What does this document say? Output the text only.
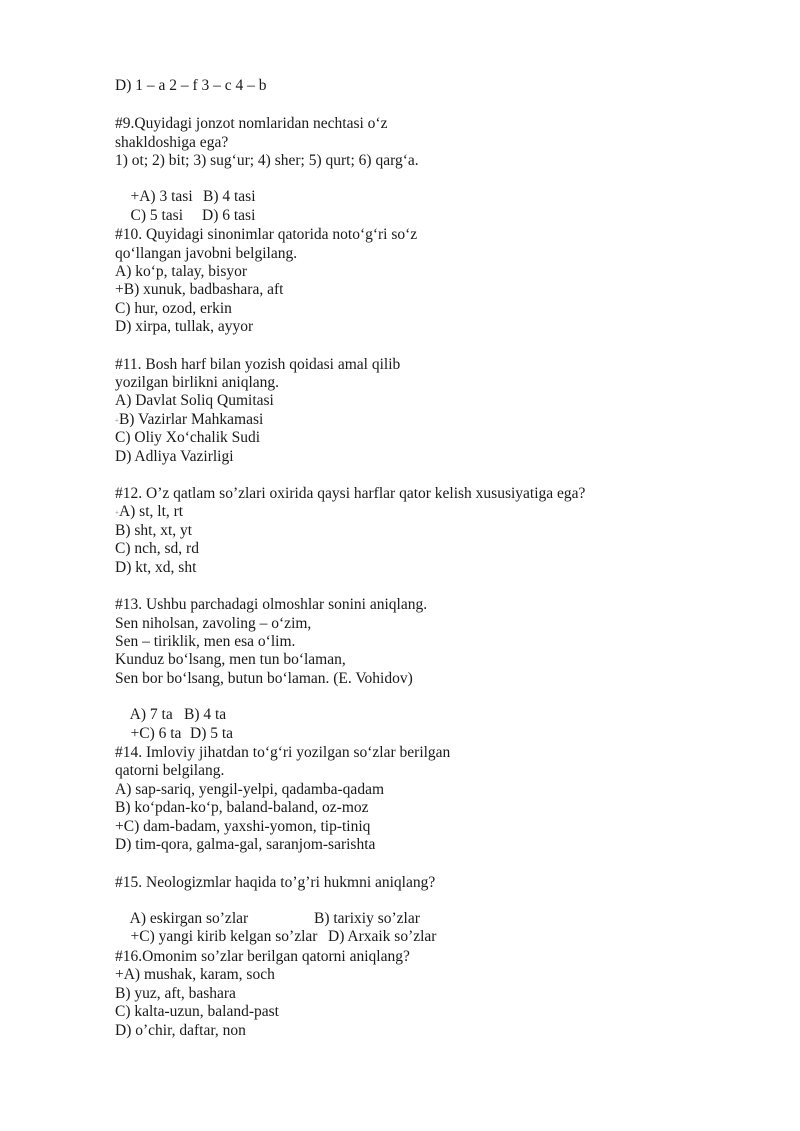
D) 1 – a 2 – f 3 – c 4 – b
#9.Quyidagi jonzot nomlaridan nechtasi o‘z
shakldoshiga ega?
1) ot; 2) bit; 3) sug‘ur; 4) sher; 5) qurt; 6) qarg‘a.

+A) 3 tasi B) 4 tasi

C) 5 tasi D) 6 tasi

#10. Quyidagi sinonimlar qatorida noto‘g‘ri so‘z
qo‘llangan javobni belgilang.
A) ko‘p, talay, bisyor
+B) xunuk, badbashara, aft
C) hur, ozod, erkin
D) xirpa, tullak, ayyor
#11. Bosh harf bilan yozish qoidasi amal qilib
yozilgan birlikni aniqlang.
A) Davlat Soliq Qumitasi
+B) Vazirlar Mahkamasi
C) Oliy Xo‘chalik Sudi
D) Adliya Vazirligi
#12. O’z qatlam so’zlari oxirida qaysi harflar qator kelish xususiyatiga ega?
+A) st, lt, rt
B) sht, xt, yt
C) nch, sd, rd
D) kt, xd, sht
#13. Ushbu parchadagi olmoshlar sonini aniqlang.
Sen niholsan, zavoling – o‘zim,
Sen – tiriklik, men esa o‘lim.
Kunduz bo‘lsang, men tun bo‘laman,
Sen bor bo‘lsang, butun bo‘laman. (E. Vohidov)

A) 7 ta B) 4 ta

+C) 6 ta D) 5 ta

#14. Imloviy jihatdan to‘g‘ri yozilgan so‘zlar berilgan
qatorni belgilang.
A) sap-sariq, yengil-yelpi, qadamba-qadam
B) ko‘pdan-ko‘p, baland-baland, oz-moz
+C) dam-badam, yaxshi-yomon, tip-tiniq
D) tim-qora, galma-gal, saranjom-sarishta
#15. Neologizmlar haqida to’g’ri hukmni aniqlang?

A) eskirgan so’zlar	B) tarixiy so’zlar

+C) yangi kirib kelgan so’zlar D) Arxaik so’zlar

#16.Omonim so’zlar berilgan qatorni aniqlang?
+A) mushak, karam, soch
B) yuz, aft, bashara
C) kalta-uzun, baland-past
D) o’chir, daftar, non
